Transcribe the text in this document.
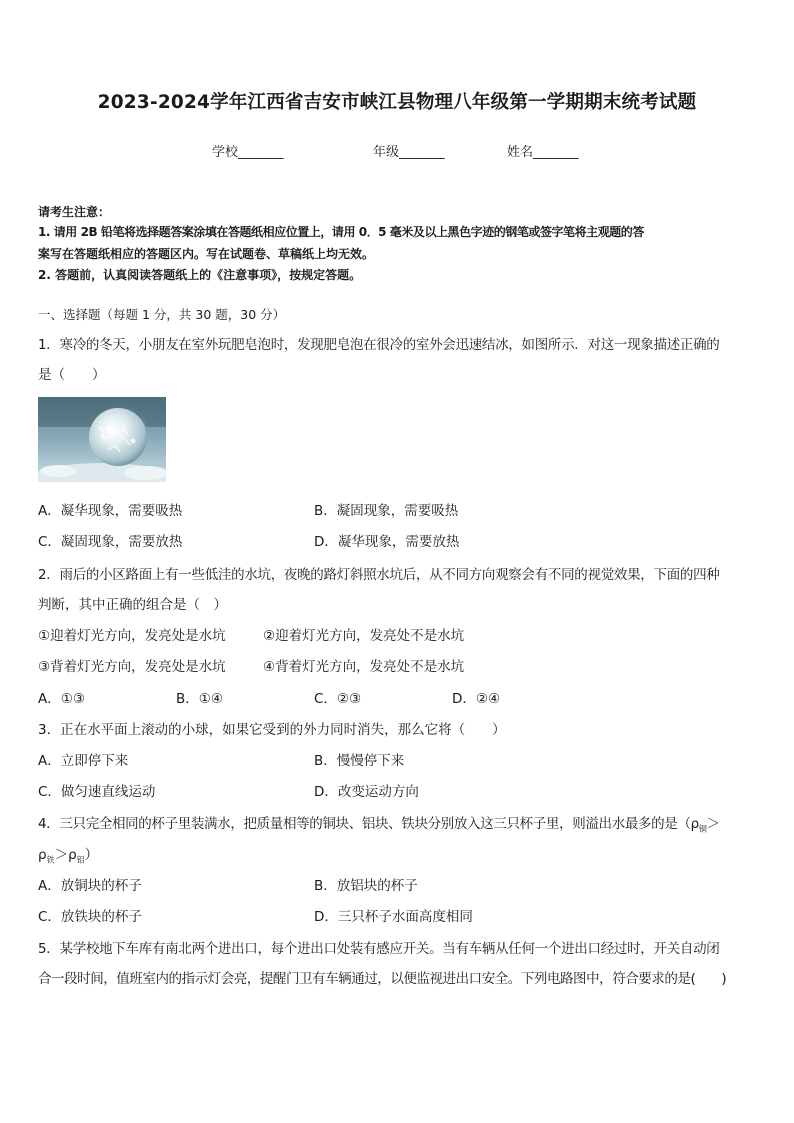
2023-2024学年江西省吉安市峡江县物理八年级第一学期期末统考试题
学校_______	年级_______	姓名_______
请考生注意：
1. 请用 2B 铅笔将选择题答案涂填在答题纸相应位置上，请用 0．5 毫米及以上黑色字迹的钢笔或签字笔将主观题的答
案写在答题纸相应的答题区内。写在试题卷、草稿纸上均无效。
2. 答题前，认真阅读答题纸上的《注意事项》，按规定答题。
一、选择题（每题 1 分，共 30 题，30 分）
1．寒冷的冬天，小朋友在室外玩肥皂泡时，发现肥皂泡在很冷的室外会迅速结冰，如图所示．对这一现象描述正确的
是（　　）
A．凝华现象，需要吸热	B．凝固现象，需要吸热
C．凝固现象，需要放热	D．凝华现象，需要放热
2．雨后的小区路面上有一些低洼的水坑，夜晚的路灯斜照水坑后，从不同方向观察会有不同的视觉效果，下面的四种
判断，其中正确的组合是（　）
①迎着灯光方向，发亮处是水坑	②迎着灯光方向，发亮处不是水坑
③背着灯光方向，发亮处是水坑	④背着灯光方向，发亮处不是水坑
A．①③	B．①④	C．②③	D．②④
3．正在水平面上滚动的小球，如果它受到的外力同时消失，那么它将（　　）
A．立即停下来	B．慢慢停下来
C．做匀速直线运动	D．改变运动方向
4．三只完全相同的杯子里装满水，把质量相等的铜块、铝块、铁块分别放入这三只杯子里，则溢出水最多的是（$\rho_铜>$
$\rho_铁>\rho_铝$）
A．放铜块的杯子	B．放铝块的杯子
C．放铁块的杯子	D．三只杯子水面高度相同
5．某学校地下车库有南北两个进出口，每个进出口处装有感应开关。当有车辆从任何一个进出口经过时，开关自动闭
合一段时间，值班室内的指示灯会亮，提醒门卫有车辆通过，以便监视进出口安全。下列电路图中，符合要求的是(　　)
